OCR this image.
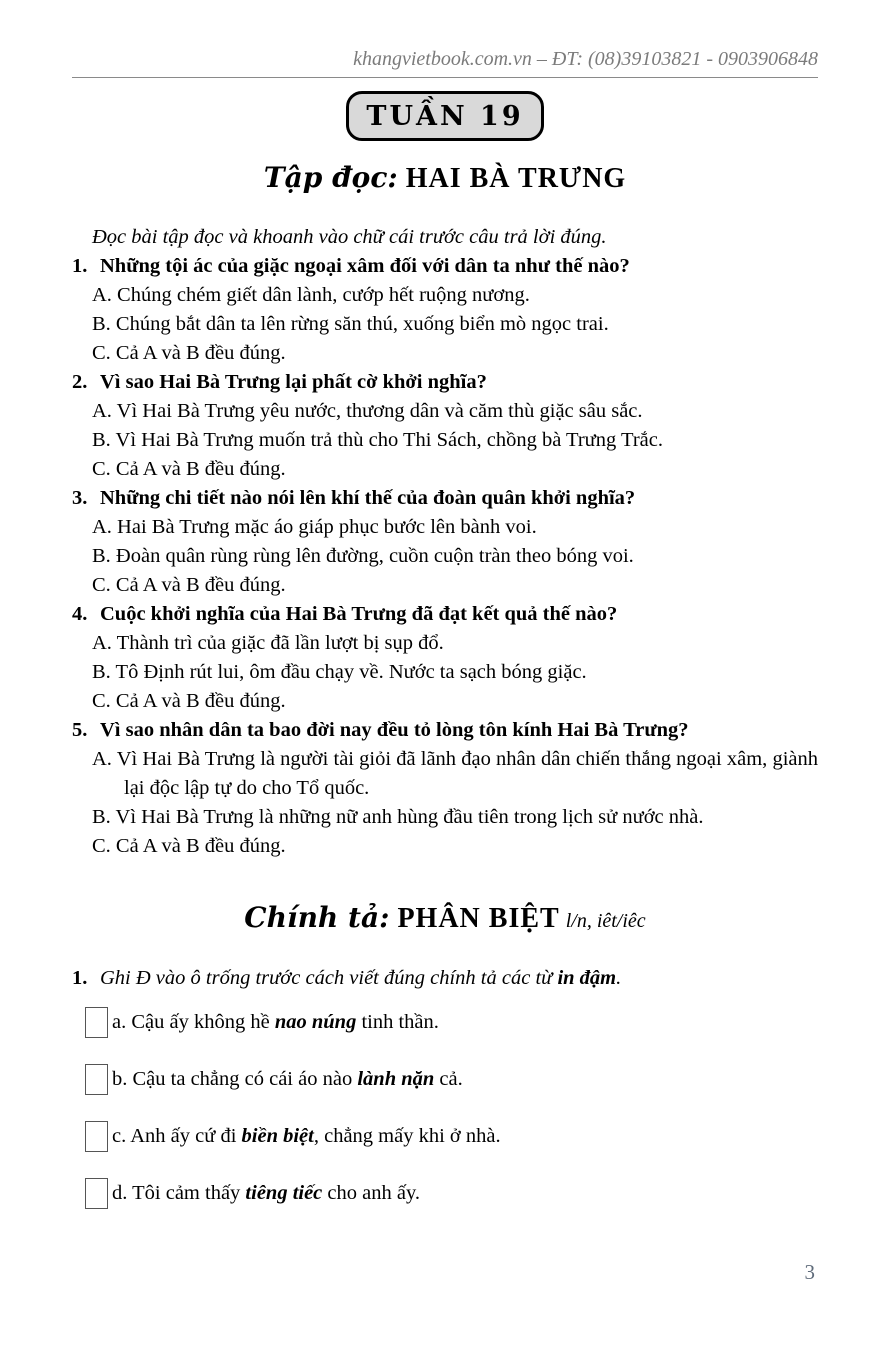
khangvietbook.com.vn – ĐT: (08)39103821 - 0903906848
TUẦN 19
Tập đọc: HAI BÀ TRƯNG
Đọc bài tập đọc và khoanh vào chữ cái trước câu trả lời đúng.
1. Những tội ác của giặc ngoại xâm đối với dân ta như thế nào?
A. Chúng chém giết dân lành, cướp hết ruộng nương.
B. Chúng bắt dân ta lên rừng săn thú, xuống biển mò ngọc trai.
C. Cả A và B đều đúng.
2. Vì sao Hai Bà Trưng lại phất cờ khởi nghĩa?
A. Vì Hai Bà Trưng yêu nước, thương dân và căm thù giặc sâu sắc.
B. Vì Hai Bà Trưng muốn trả thù cho Thi Sách, chồng bà Trưng Trắc.
C. Cả A và B đều đúng.
3. Những chi tiết nào nói lên khí thế của đoàn quân khởi nghĩa?
A. Hai Bà Trưng mặc áo giáp phục bước lên bành voi.
B. Đoàn quân rùng rùng lên đường, cuồn cuộn tràn theo bóng voi.
C. Cả A và B đều đúng.
4. Cuộc khởi nghĩa của Hai Bà Trưng đã đạt kết quả thế nào?
A. Thành trì của giặc đã lần lượt bị sụp đổ.
B. Tô Định rút lui, ôm đầu chạy về. Nước ta sạch bóng giặc.
C. Cả A và B đều đúng.
5. Vì sao nhân dân ta bao đời nay đều tỏ lòng tôn kính Hai Bà Trưng?
A. Vì Hai Bà Trưng là người tài giỏi đã lãnh đạo nhân dân chiến thắng ngoại xâm, giành lại độc lập tự do cho Tổ quốc.
B. Vì Hai Bà Trưng là những nữ anh hùng đầu tiên trong lịch sử nước nhà.
C. Cả A và B đều đúng.
Chính tả: PHÂN BIỆT l/n, iêt/iêc
1. Ghi Đ vào ô trống trước cách viết đúng chính tả các từ in đậm.
a. Cậu ấy không hề nao núng tinh thần.
b. Cậu ta chẳng có cái áo nào lành nặn cả.
c. Anh ấy cứ đi biền biệt, chẳng mấy khi ở nhà.
d. Tôi cảm thấy tiêng tiếc cho anh ấy.
3
